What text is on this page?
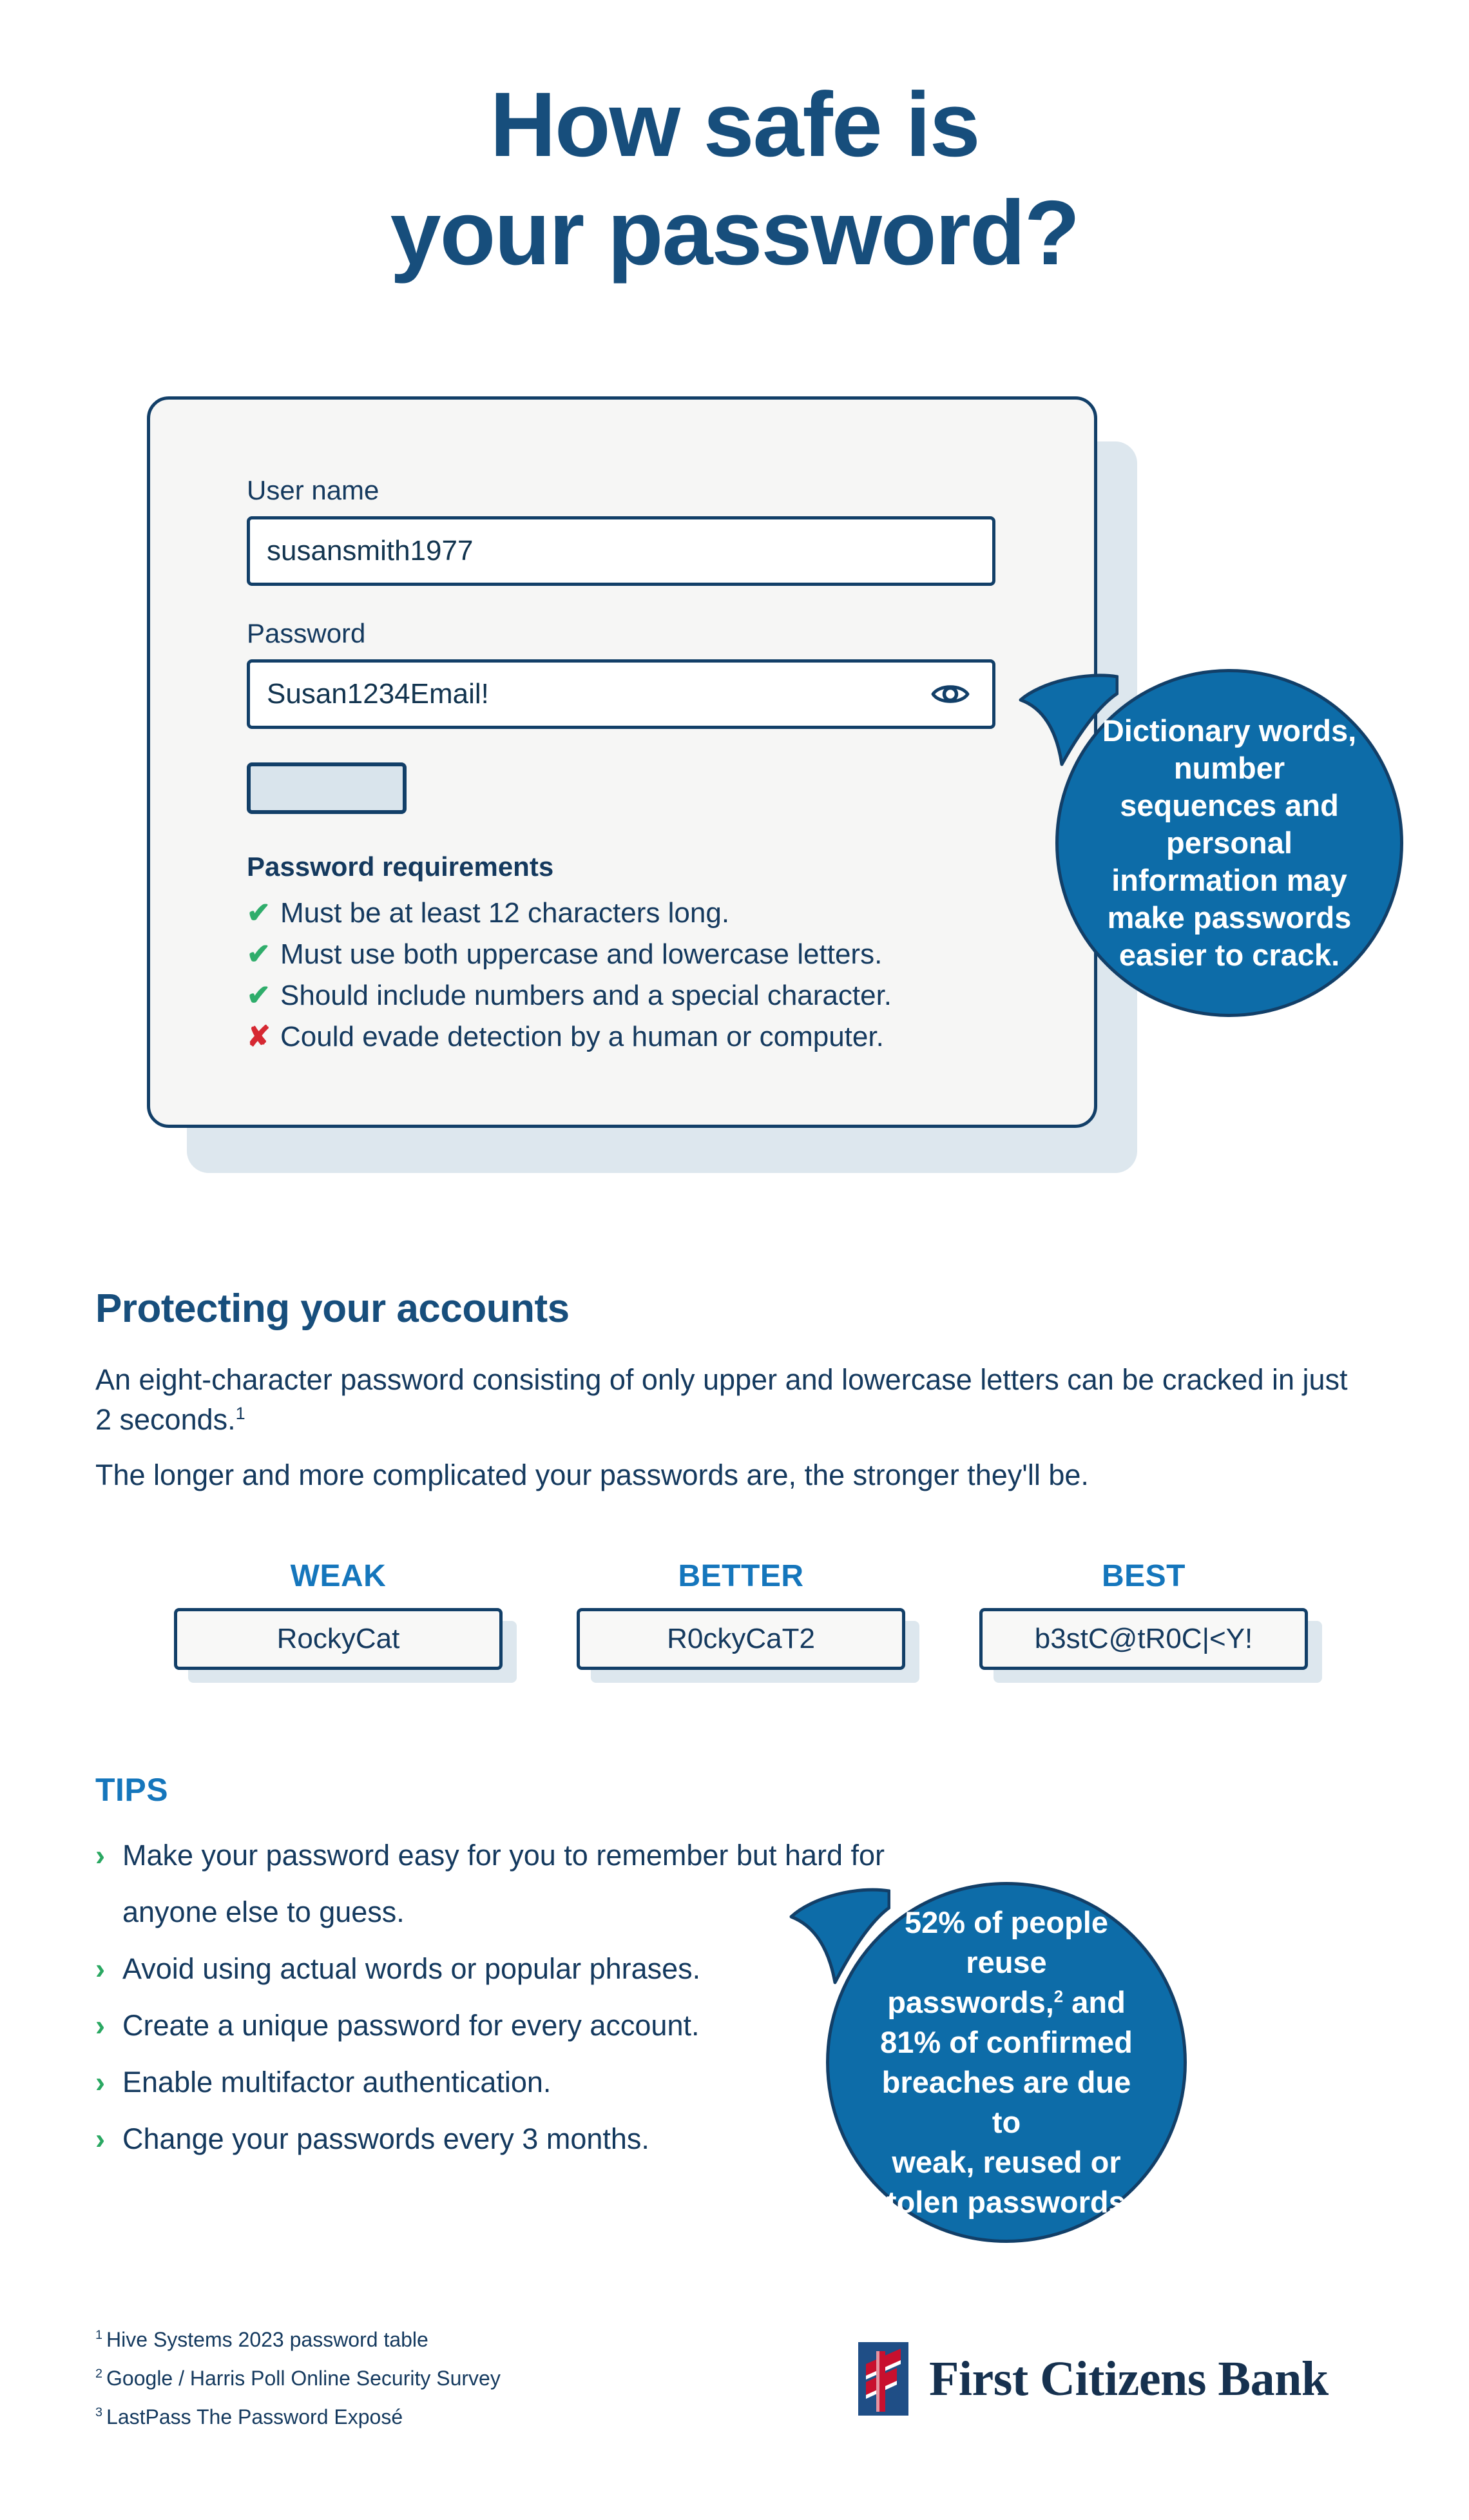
How safe is
your password?
User name
susansmith1977
Password
Susan1234Email!
Password requirements
✔ Must be at least 12 characters long.
✔ Must use both uppercase and lowercase letters.
✔ Should include numbers and a special character.
✘ Could evade detection by a human or computer.
Dictionary words, number sequences and personal information may make passwords easier to crack.
Protecting your accounts

An eight-character password consisting of only upper and lowercase letters can be cracked in just 2 seconds.$^1$

The longer and more complicated your passwords are, the stronger they'll be.

WEAK
RockyCat
BETTER
R0ckyCaT2
BEST
b3stC@tR0C|<Y!
TIPS
› Make your password easy for you to remember but hard for anyone else to guess.
› Avoid using actual words or popular phrases.
› Create a unique password for every account.
› Enable multifactor authentication.
› Change your passwords every 3 months.
52% of people reuse
passwords,$^2$ and
81% of confirmed
breaches are due to
weak, reused or
stolen passwords.$^3$
$^1$ Hive Systems 2023 password table
$^2$ Google / Harris Poll Online Security Survey
$^3$ LastPass The Password Exposé
First Citizens Bank
